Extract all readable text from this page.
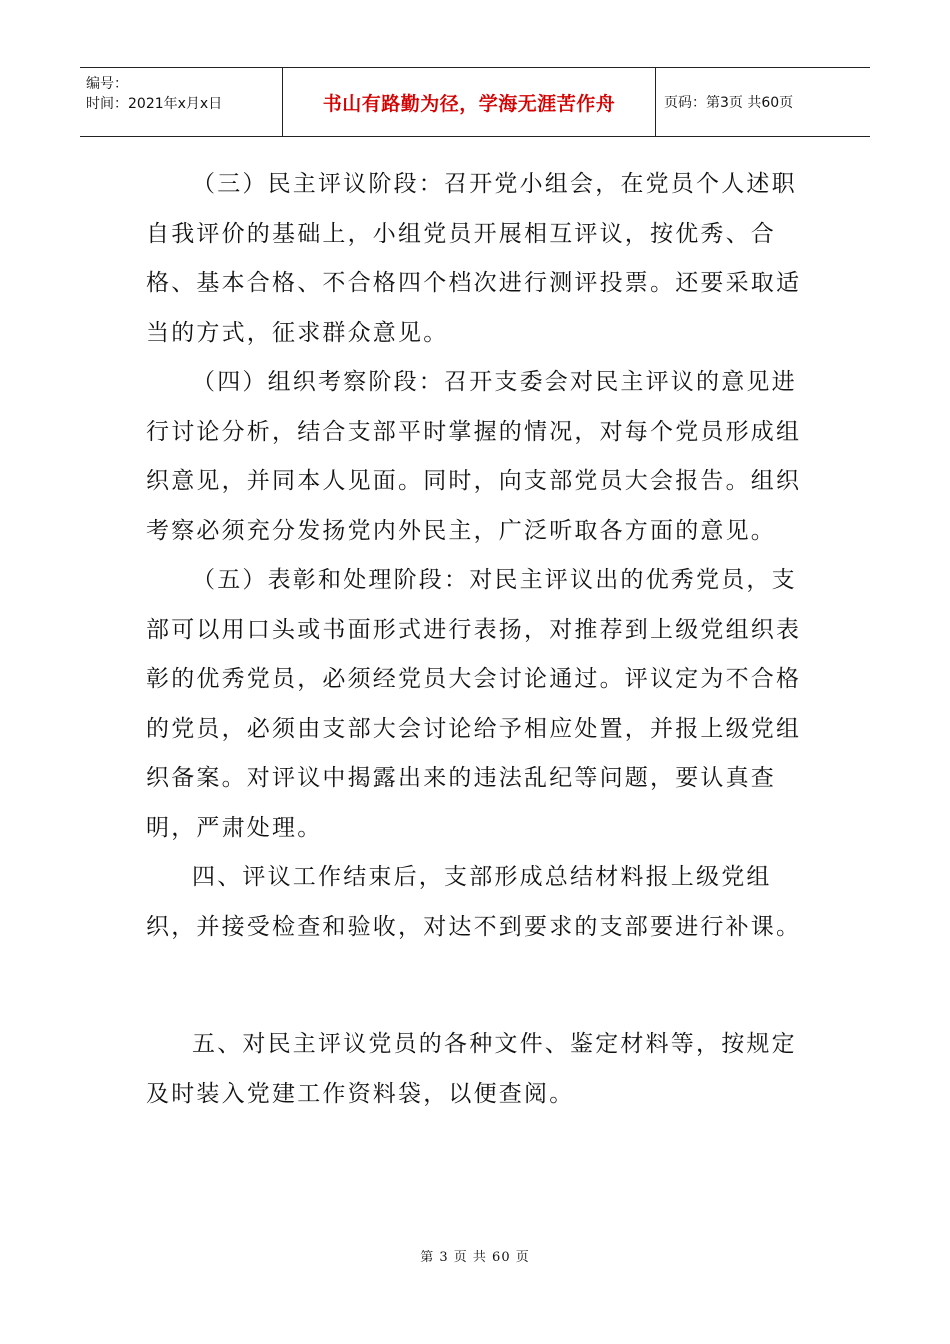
编号：
时间：2021年x月x日	书山有路勤为径，学海无涯苦作舟	页码：第3页 共60页

（三）民主评议阶段：召开党小组会，在党员个人述职自我评价的基础上，小组党员开展相互评议，按优秀、合格、基本合格、不合格四个档次进行测评投票。还要采取适当的方式，征求群众意见。

（四）组织考察阶段：召开支委会对民主评议的意见进行讨论分析，结合支部平时掌握的情况，对每个党员形成组织意见，并同本人见面。同时，向支部党员大会报告。组织考察必须充分发扬党内外民主，广泛听取各方面的意见。

（五）表彰和处理阶段：对民主评议出的优秀党员，支部可以用口头或书面形式进行表扬，对推荐到上级党组织表彰的优秀党员，必须经党员大会讨论通过。评议定为不合格的党员，必须由支部大会讨论给予相应处置，并报上级党组织备案。对评议中揭露出来的违法乱纪等问题，要认真查明，严肃处理。

四、评议工作结束后，支部形成总结材料报上级党组织，并接受检查和验收，对达不到要求的支部要进行补课。

五、对民主评议党员的各种文件、鉴定材料等，按规定及时装入党建工作资料袋，以便查阅。

第 3 页 共 60 页
